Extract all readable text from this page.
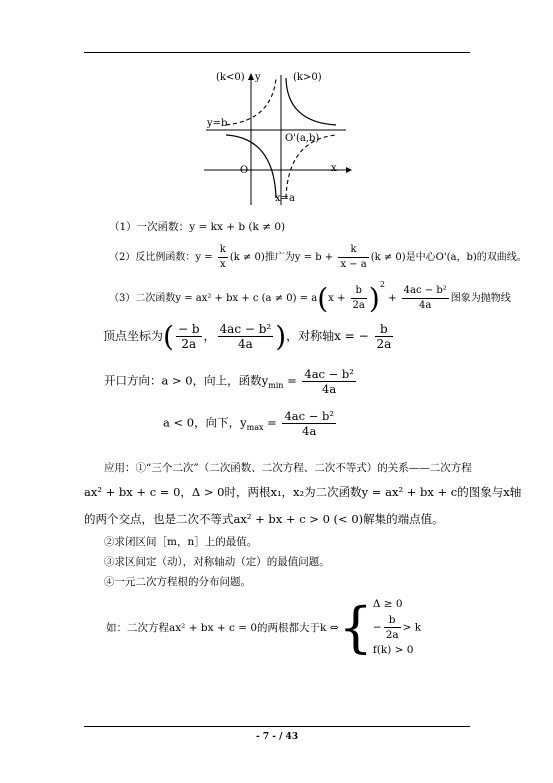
(k<0) y	(k>0)
y=b
O'(a,b)
O	x
x=a
（1）一次函数：y = kx + b (k ≠ 0)
（2）反比例函数：$y = \frac{k}{x} (k \ne 0)$推广为$y = b + \frac{k}{x - a} (k \ne 0)$是中心O'(a，b)的双曲线。
（3）二次函数y = ax² + bx + c $(a \ne 0) = a(x + \frac{b}{2a} )^2 + \frac{\text{4ac − b²}}{4a}$ 图象为抛物线
顶点坐标为( $\frac{- b}{2a}$ ， $\frac{\text{4ac − b²}}{4a}$ )，对称轴x = − $\frac{b}{2a}$
开口方向：a > 0，向上，函数$y_{min} = \frac{\text{4ac − b²}}{4a}$
a < 0，向下，$y_{max} = \frac{\text{4ac − b²}}{4a}$
应用：①“三个二次”（二次函数、二次方程、二次不等式）的关系——二次方程
ax² + bx + c = 0，Δ > 0时，两根x₁，x₂为二次函数y = ax² + bx + c的图象与x轴
的两个交点，也是二次不等式ax² + bx + c > 0 (< 0)解集的端点值。
②求闭区间［m，n］上的最值。
③求区间定（动），对称轴动（定）的最值问题。
④一元二次方程根的分布问题。
如：二次方程ax² + bx + c = 0的两根都大于k ⇔ { Δ ≥ 0
− $\frac{b}{2a} > k$
f(k) > 0
- 7 - / 43
